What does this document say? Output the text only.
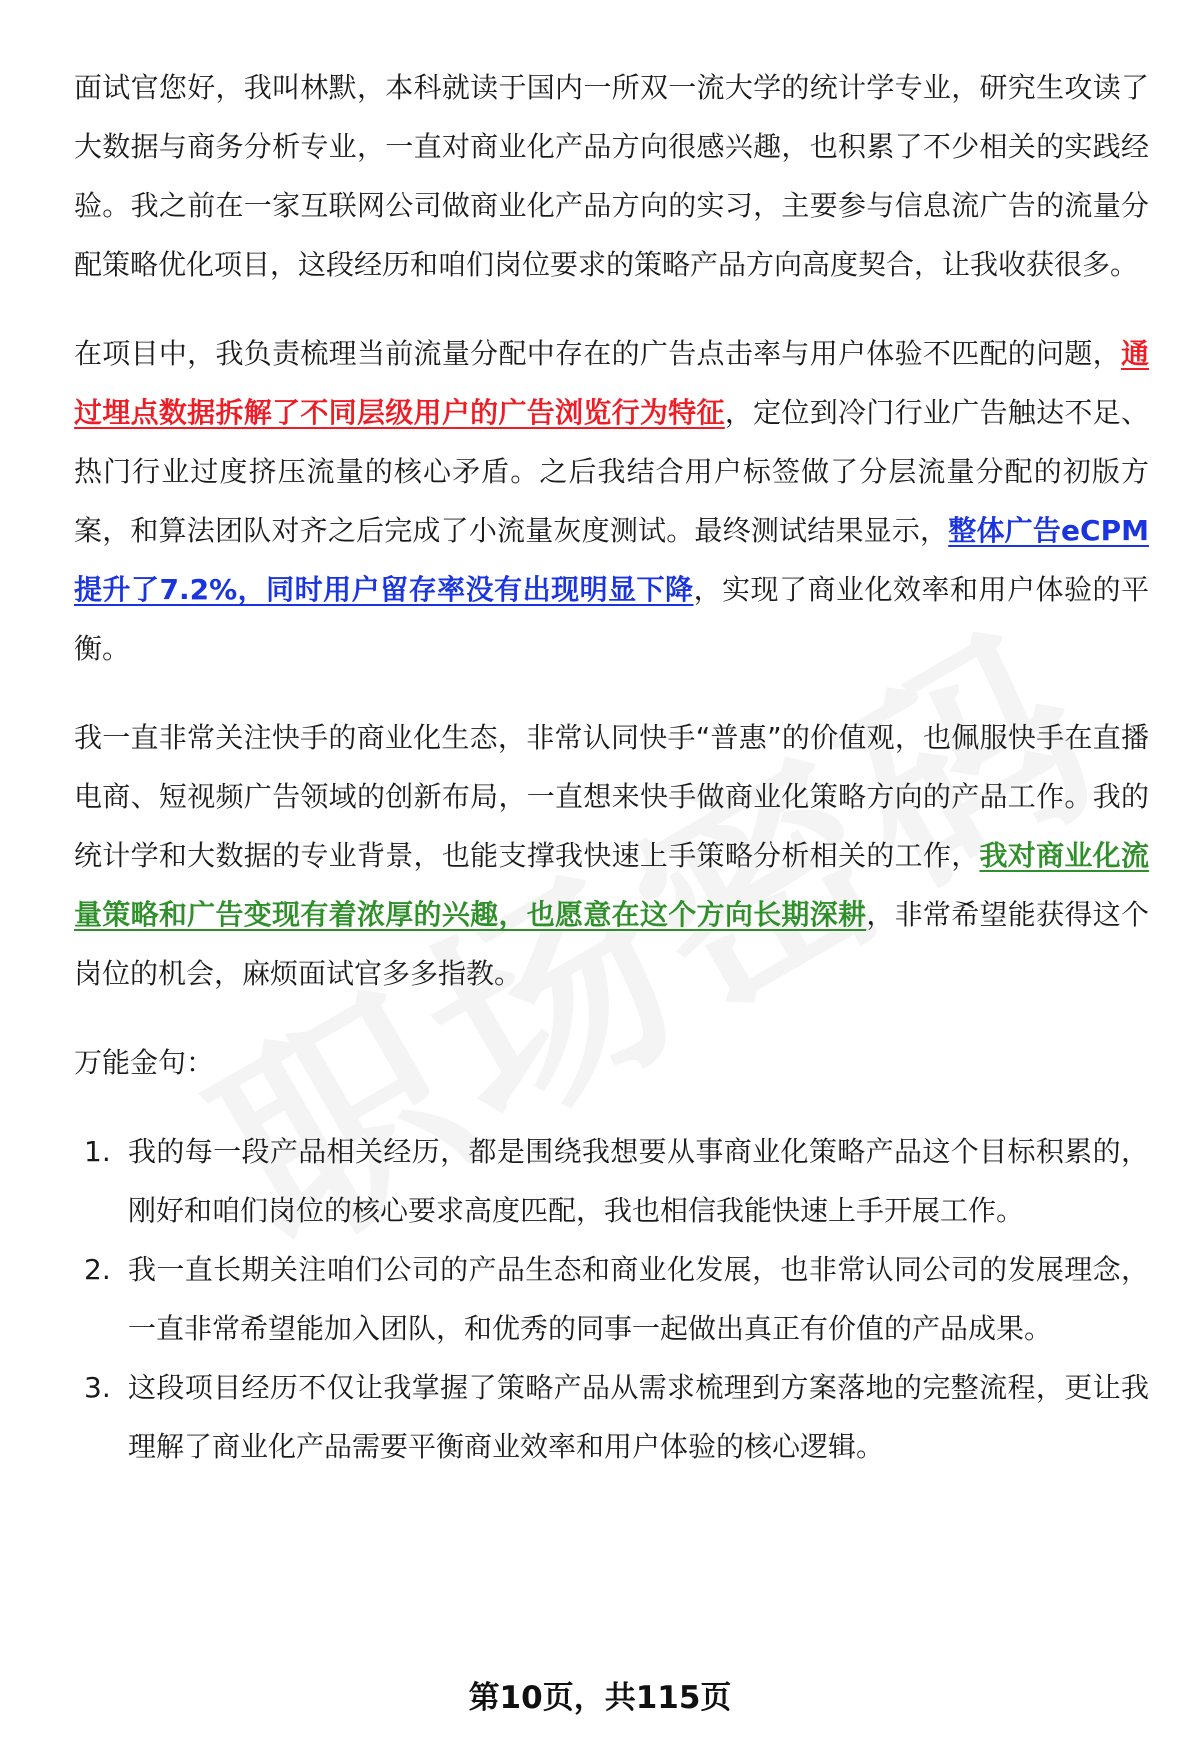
面试官您好，我叫林默，本科就读于国内一所双一流大学的统计学专业，研究生攻读了大数据与商务分析专业，一直对商业化产品方向很感兴趣，也积累了不少相关的实践经验。我之前在一家互联网公司做商业化产品方向的实习，主要参与信息流广告的流量分配策略优化项目，这段经历和咱们岗位要求的策略产品方向高度契合，让我收获很多。

在项目中，我负责梳理当前流量分配中存在的广告点击率与用户体验不匹配的问题，通过埋点数据拆解了不同层级用户的广告浏览行为特征，定位到冷门行业广告触达不足、热门行业过度挤压流量的核心矛盾。之后我结合用户标签做了分层流量分配的初版方案，和算法团队对齐之后完成了小流量灰度测试。最终测试结果显示，整体广告eCPM提升了7.2%，同时用户留存率没有出现明显下降，实现了商业化效率和用户体验的平衡。

我一直非常关注快手的商业化生态，非常认同快手“普惠”的价值观，也佩服快手在直播电商、短视频广告领域的创新布局，一直想来快手做商业化策略方向的产品工作。我的统计学和大数据的专业背景，也能支撑我快速上手策略分析相关的工作，我对商业化流量策略和广告变现有着浓厚的兴趣，也愿意在这个方向长期深耕，非常希望能获得这个岗位的机会，麻烦面试官多多指教。

万能金句：

1. 我的每一段产品相关经历，都是围绕我想要从事商业化策略产品这个目标积累的，刚好和咱们岗位的核心要求高度匹配，我也相信我能快速上手开展工作。
2. 我一直长期关注咱们公司的产品生态和商业化发展，也非常认同公司的发展理念，一直非常希望能加入团队，和优秀的同事一起做出真正有价值的产品成果。
3. 这段项目经历不仅让我掌握了策略产品从需求梳理到方案落地的完整流程，更让我理解了商业化产品需要平衡商业效率和用户体验的核心逻辑。
第10页，共115页
